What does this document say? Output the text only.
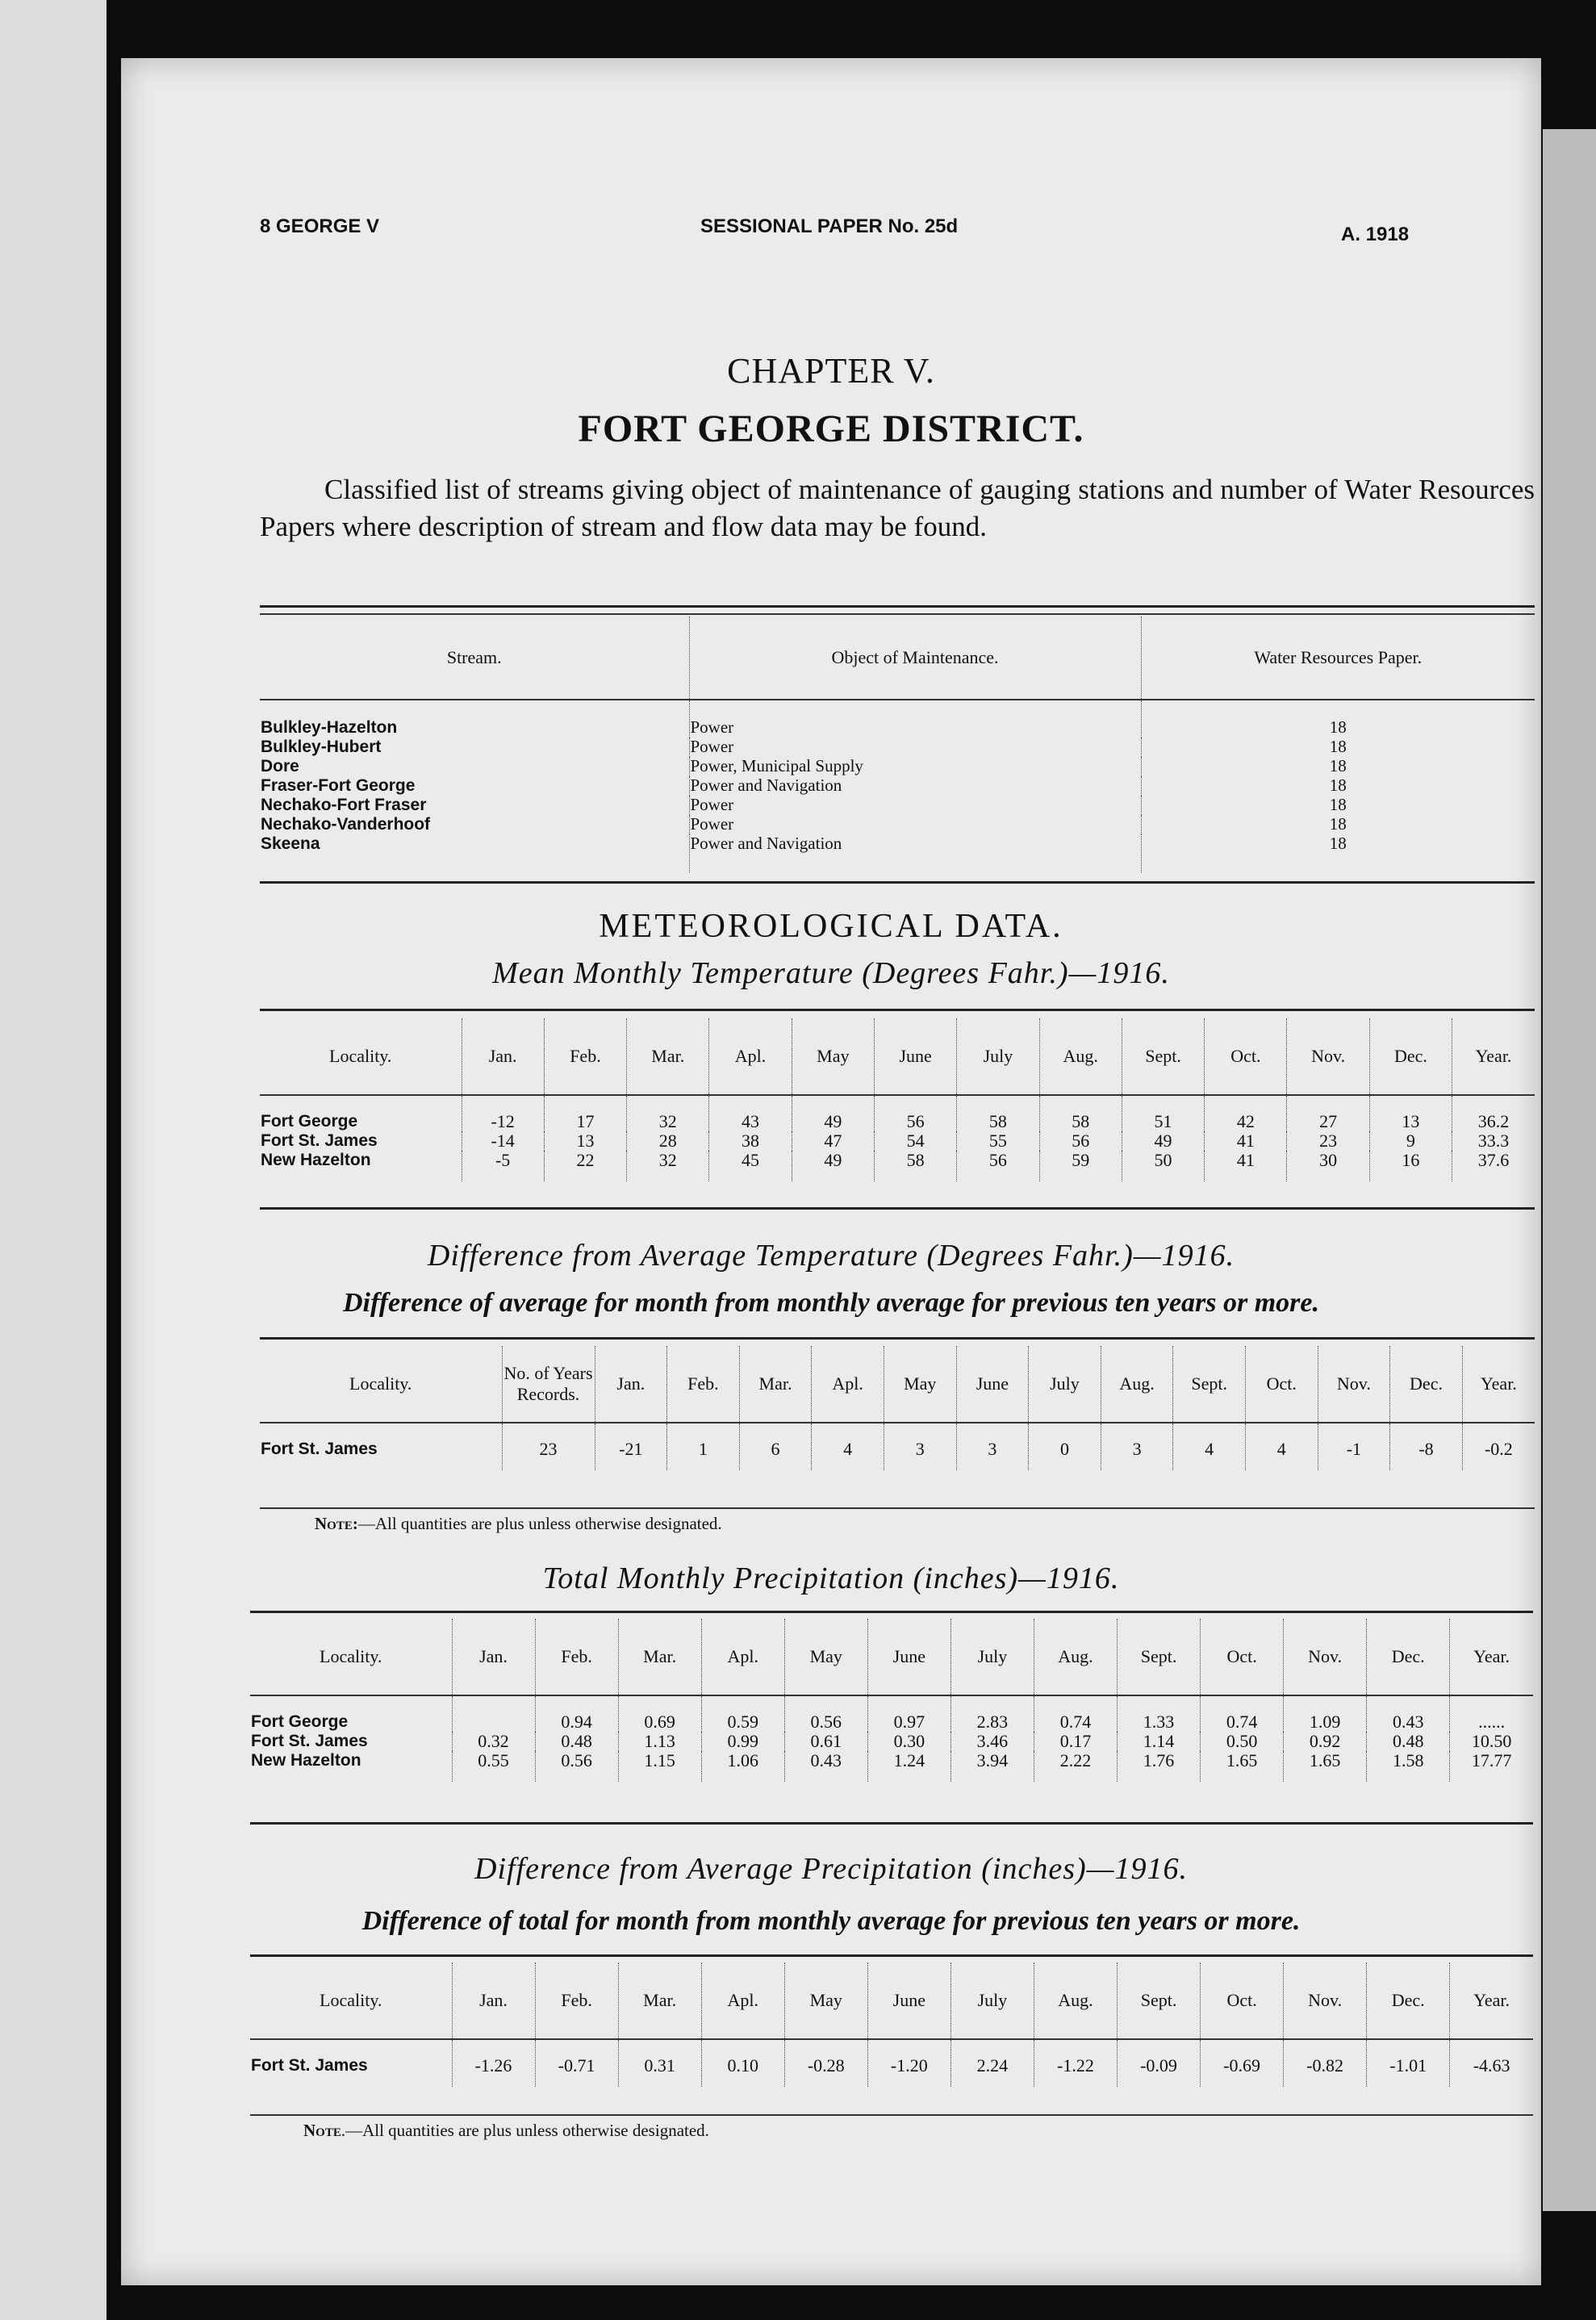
8 GEORGE V	SESSIONAL PAPER No. 25d	A. 1918
CHAPTER V.
FORT GEORGE DISTRICT.
Classified list of streams giving object of maintenance of gauging stations and number of Water Resources Papers where description of stream and flow data may be found.
Stream.	Object of Maintenance.	Water Resources Paper.
Bulkley-Hazelton	Power	18
Bulkley-Hubert	Power	18
Dore	Power, Municipal Supply	18
Fraser-Fort George	Power and Navigation	18
Nechako-Fort Fraser	Power	18
Nechako-Vanderhoof	Power	18
Skeena	Power and Navigation	18
METEOROLOGICAL DATA.
Mean Monthly Temperature (Degrees Fahr.)—1916.
Locality.	Jan.	Feb.	Mar.	Apl.	May	June	July	Aug.	Sept.	Oct.	Nov.	Dec.	Year.
Fort George	-12	17	32	43	49	56	58	58	51	42	27	13	36.2
Fort St. James	-14	13	28	38	47	54	55	56	49	41	23	9	33.3
New Hazelton	-5	22	32	45	49	58	56	59	50	41	30	16	37.6
Difference from Average Temperature (Degrees Fahr.)—1916.
Difference of average for month from monthly average for previous ten years or more.
Locality.	No. of Years Records.	Jan.	Feb.	Mar.	Apl.	May	June	July	Aug.	Sept.	Oct.	Nov.	Dec.	Year.
Fort St. James	23	-21	1	6	4	3	3	0	3	4	4	-1	-8	-0.2
Note:—All quantities are plus unless otherwise designated.
Total Monthly Precipitation (inches)—1916.
Locality.	Jan.	Feb.	Mar.	Apl.	May	June	July	Aug.	Sept.	Oct.	Nov.	Dec.	Year.
Fort George		0.94	0.69	0.59	0.56	0.97	2.83	0.74	1.33	0.74	1.09	0.43	......
Fort St. James	0.32	0.48	1.13	0.99	0.61	0.30	3.46	0.17	1.14	0.50	0.92	0.48	10.50
New Hazelton	0.55	0.56	1.15	1.06	0.43	1.24	3.94	2.22	1.76	1.65	1.65	1.58	17.77
Difference from Average Precipitation (inches)—1916.
Difference of total for month from monthly average for previous ten years or more.
Locality.	Jan.	Feb.	Mar.	Apl.	May	June	July	Aug.	Sept.	Oct.	Nov.	Dec.	Year.
Fort St. James	-1.26	-0.71	0.31	0.10	-0.28	-1.20	2.24	-1.22	-0.09	-0.69	-0.82	-1.01	-4.63
Note.—All quantities are plus unless otherwise designated.
